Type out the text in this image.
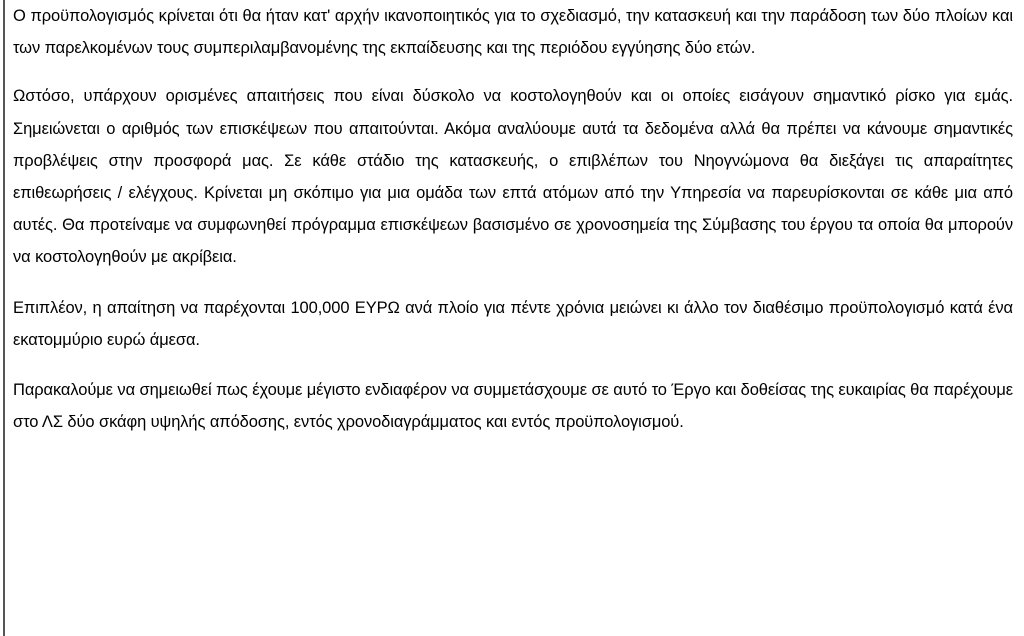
Ο προϋπολογισμός κρίνεται ότι θα ήταν κατ' αρχήν ικανοποιητικός για το σχεδιασμό, την κατασκευή και την παράδοση των δύο πλοίων και των παρελκομένων τους συμπεριλαμβανομένης της εκπαίδευσης και της περιόδου εγγύησης δύο ετών.

Ωστόσο, υπάρχουν ορισμένες απαιτήσεις που είναι δύσκολο να κοστολογηθούν και οι οποίες εισάγουν σημαντικό ρίσκο για εμάς. Σημειώνεται ο αριθμός των επισκέψεων που απαιτούνται. Ακόμα αναλύουμε αυτά τα δεδομένα αλλά θα πρέπει να κάνουμε σημαντικές προβλέψεις στην προσφορά μας. Σε κάθε στάδιο της κατασκευής, ο επιβλέπων του Νηογνώμονα θα διεξάγει τις απαραίτητες επιθεωρήσεις / ελέγχους. Κρίνεται μη σκόπιμο για μια ομάδα των επτά ατόμων από την Υπηρεσία να παρευρίσκονται σε κάθε μια από αυτές. Θα προτείναμε να συμφωνηθεί πρόγραμμα επισκέψεων βασισμένο σε χρονοσημεία της Σύμβασης του έργου τα οποία θα μπορούν να κοστολογηθούν με ακρίβεια.

Επιπλέον, η απαίτηση να παρέχονται 100,000 ΕΥΡΩ ανά πλοίο για πέντε χρόνια μειώνει κι άλλο τον διαθέσιμο προϋπολογισμό κατά ένα εκατομμύριο ευρώ άμεσα.

Παρακαλούμε να σημειωθεί πως έχουμε μέγιστο ενδιαφέρον να συμμετάσχουμε σε αυτό το Έργο και δοθείσας της ευκαιρίας θα παρέχουμε στο ΛΣ δύο σκάφη υψηλής απόδοσης, εντός χρονοδιαγράμματος και εντός προϋπολογισμού.
